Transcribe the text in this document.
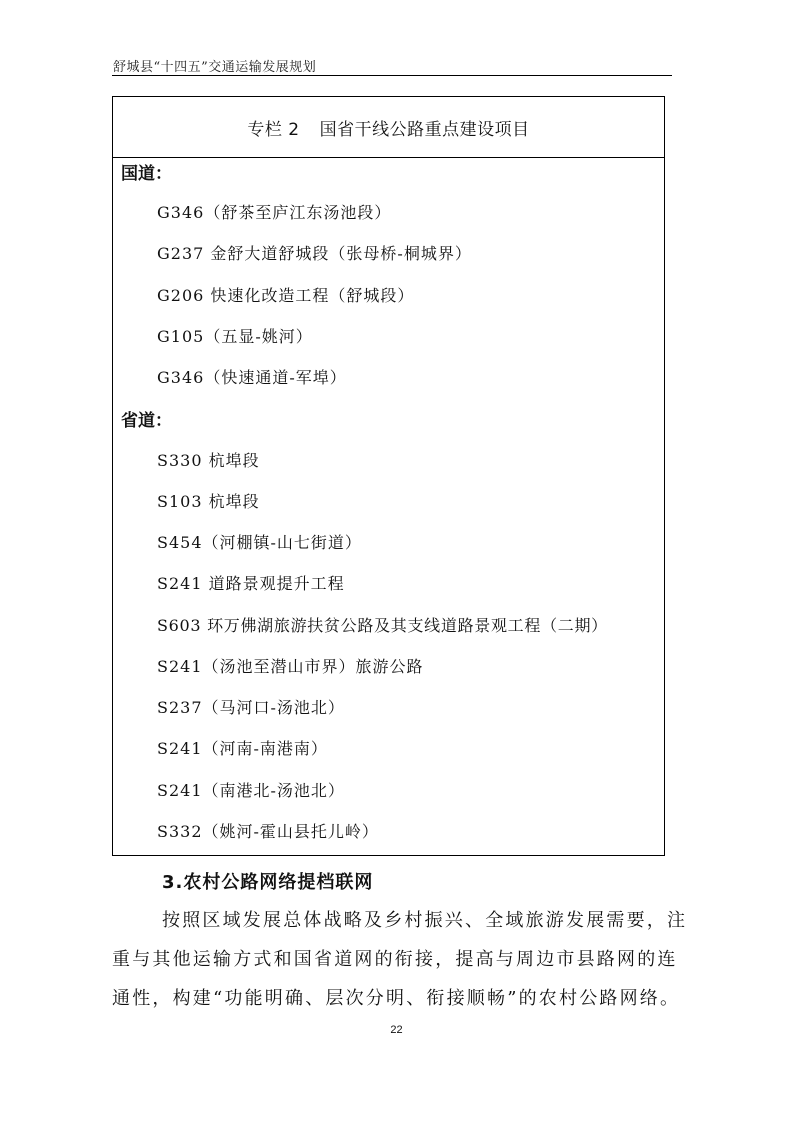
舒城县“十四五”交通运输发展规划
专栏 2 国省干线公路重点建设项目
国道：
G346（舒茶至庐江东汤池段）
G237 金舒大道舒城段（张母桥-桐城界）
G206 快速化改造工程（舒城段）
G105（五显-姚河）
G346（快速通道-军埠）
省道：
S330 杭埠段
S103 杭埠段
S454（河棚镇-山七街道）
S241 道路景观提升工程
S603 环万佛湖旅游扶贫公路及其支线道路景观工程（二期）
S241（汤池至潜山市界）旅游公路
S237（马河口-汤池北）
S241（河南-南港南）
S241（南港北-汤池北）
S332（姚河-霍山县托儿岭）
3.农村公路网络提档联网
按照区域发展总体战略及乡村振兴、全域旅游发展需要，注
重与其他运输方式和国省道网的衔接，提高与周边市县路网的连
通性，构建“功能明确、层次分明、衔接顺畅”的农村公路网络。
22
